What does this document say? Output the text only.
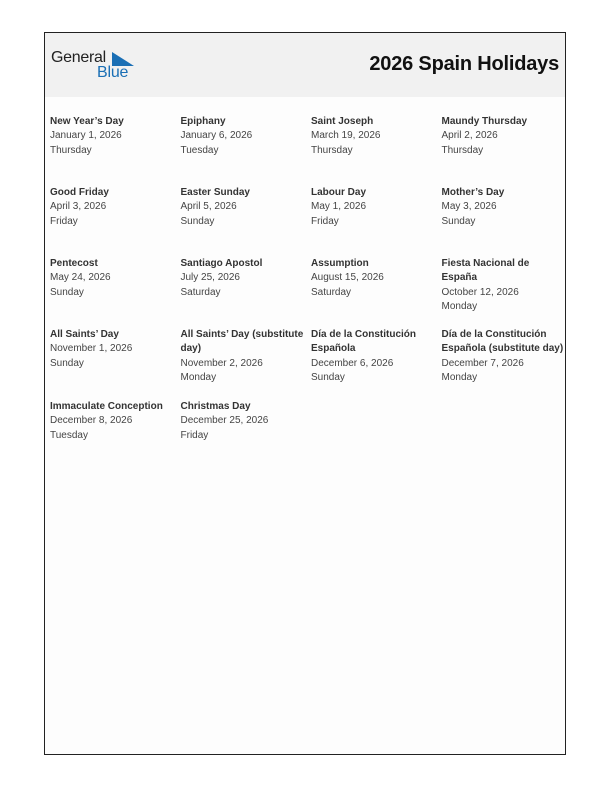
General
Blue	2026 Spain Holidays
New Year’s Day
January 1, 2026
Thursday
Epiphany
January 6, 2026
Tuesday
Saint Joseph
March 19, 2026
Thursday
Maundy Thursday
April 2, 2026
Thursday
Good Friday
April 3, 2026
Friday
Easter Sunday
April 5, 2026
Sunday
Labour Day
May 1, 2026
Friday
Mother’s Day
May 3, 2026
Sunday
Pentecost
May 24, 2026
Sunday
Santiago Apostol
July 25, 2026
Saturday
Assumption
August 15, 2026
Saturday
Fiesta Nacional de España
October 12, 2026
Monday
All Saints’ Day
November 1, 2026
Sunday
All Saints’ Day (substitute day)
November 2, 2026
Monday
Día de la Constitución Española
December 6, 2026
Sunday
Día de la Constitución Española (substitute day)
December 7, 2026
Monday
Immaculate Conception
December 8, 2026
Tuesday
Christmas Day
December 25, 2026
Friday
